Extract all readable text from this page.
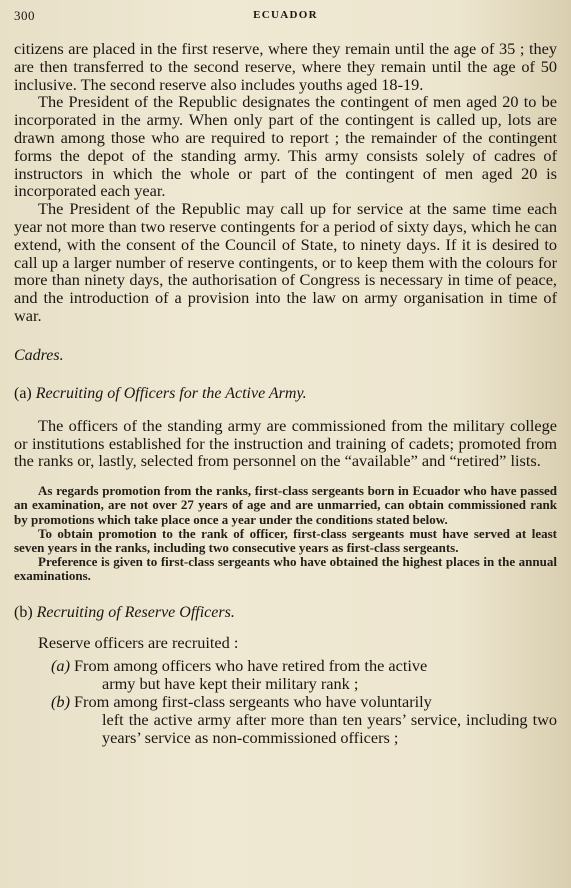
300	ECUADOR

citizens are placed in the first reserve, where they remain until the age of 35 ; they are then transferred to the second reserve, where they remain until the age of 50 inclusive. The second reserve also includes youths aged 18-19.

The President of the Republic designates the contingent of men aged 20 to be incorporated in the army. When only part of the contingent is called up, lots are drawn among those who are required to report ; the remainder of the contingent forms the depot of the standing army. This army consists solely of cadres of instructors in which the whole or part of the contingent of men aged 20 is incorporated each year.

The President of the Republic may call up for service at the same time each year not more than two reserve contingents for a period of sixty days, which he can extend, with the consent of the Council of State, to ninety days. If it is desired to call up a larger number of reserve contingents, or to keep them with the colours for more than ninety days, the authorisation of Congress is necessary in time of peace, and the introduction of a provision into the law on army organisation in time of war.

Cadres.

(a) Recruiting of Officers for the Active Army.

The officers of the standing army are commissioned from the military college or institutions established for the instruction and training of cadets; promoted from the ranks or, lastly, selected from personnel on the “available” and “retired” lists.

As regards promotion from the ranks, first-class sergeants born in Ecuador who have passed an examination, are not over 27 years of age and are unmarried, can obtain commissioned rank by promotions which take place once a year under the conditions stated below.

To obtain promotion to the rank of officer, first-class sergeants must have served at least seven years in the ranks, including two consecutive years as first-class sergeants.

Preference is given to first-class sergeants who have obtained the highest places in the annual examinations.

(b) Recruiting of Reserve Officers.

Reserve officers are recruited :

(a) From among officers who have retired from the active
army but have kept their military rank ;
(b) From among first-class sergeants who have voluntarily
left the active army after more than ten years’ service, including two years’ service as non-commissioned officers ;
